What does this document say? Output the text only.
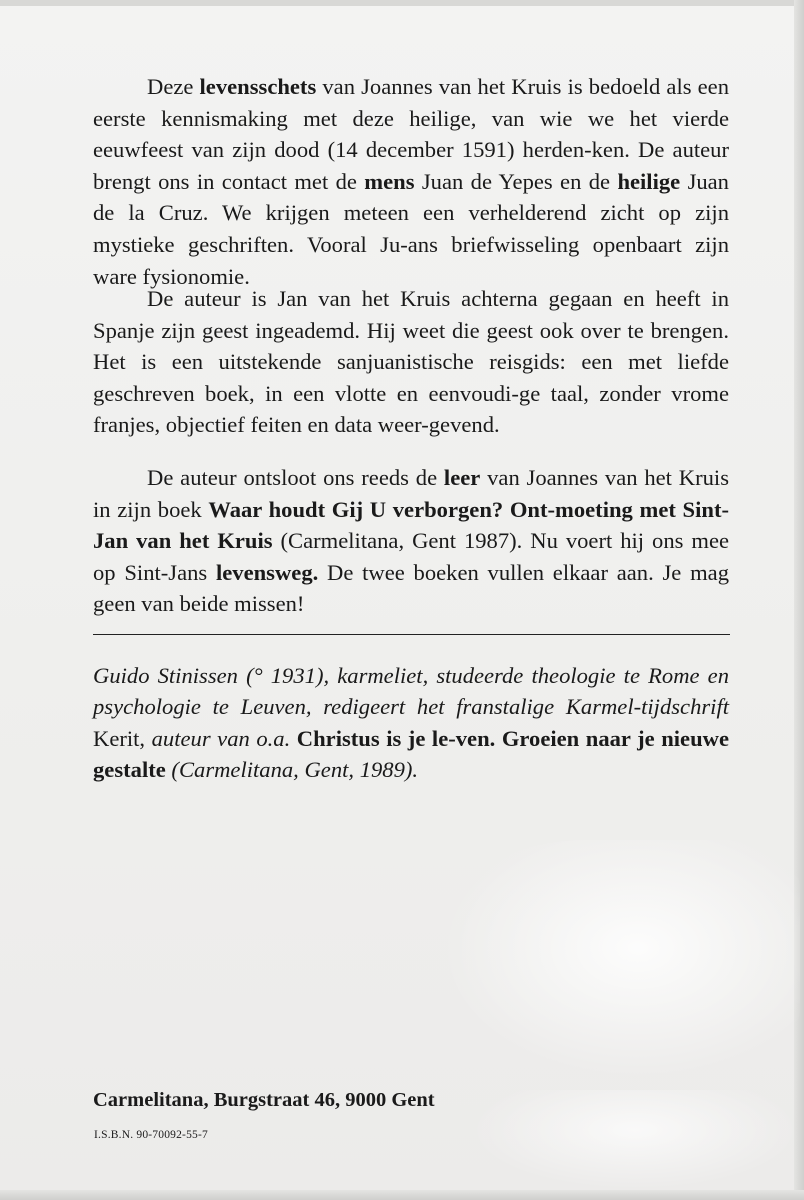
Deze levensschets van Joannes van het Kruis is bedoeld als een eerste kennismaking met deze heilige, van wie we het vierde eeuwfeest van zijn dood (14 december 1591) herden-ken. De auteur brengt ons in contact met de mens Juan de Yepes en de heilige Juan de la Cruz. We krijgen meteen een verhelderend zicht op zijn mystieke geschriften. Vooral Ju-ans briefwisseling openbaart zijn ware fysionomie.

De auteur is Jan van het Kruis achterna gegaan en heeft in Spanje zijn geest ingeademd. Hij weet die geest ook over te brengen. Het is een uitstekende sanjuanistische reisgids: een met liefde geschreven boek, in een vlotte en eenvoudi-ge taal, zonder vrome franjes, objectief feiten en data weer-gevend.

De auteur ontsloot ons reeds de leer van Joannes van het Kruis in zijn boek Waar houdt Gij U verborgen? Ont-moeting met Sint-Jan van het Kruis (Carmelitana, Gent 1987). Nu voert hij ons mee op Sint-Jans levensweg. De twee boeken vullen elkaar aan. Je mag geen van beide missen!

Guido Stinissen (° 1931), karmeliet, studeerde theologie te Rome en psychologie te Leuven, redigeert het franstalige Karmel-tijdschrift Kerit, auteur van o.a. Christus is je le-ven. Groeien naar je nieuwe gestalte (Carmelitana, Gent, 1989).

Carmelitana, Burgstraat 46, 9000 Gent

I.S.B.N. 90-70092-55-7
